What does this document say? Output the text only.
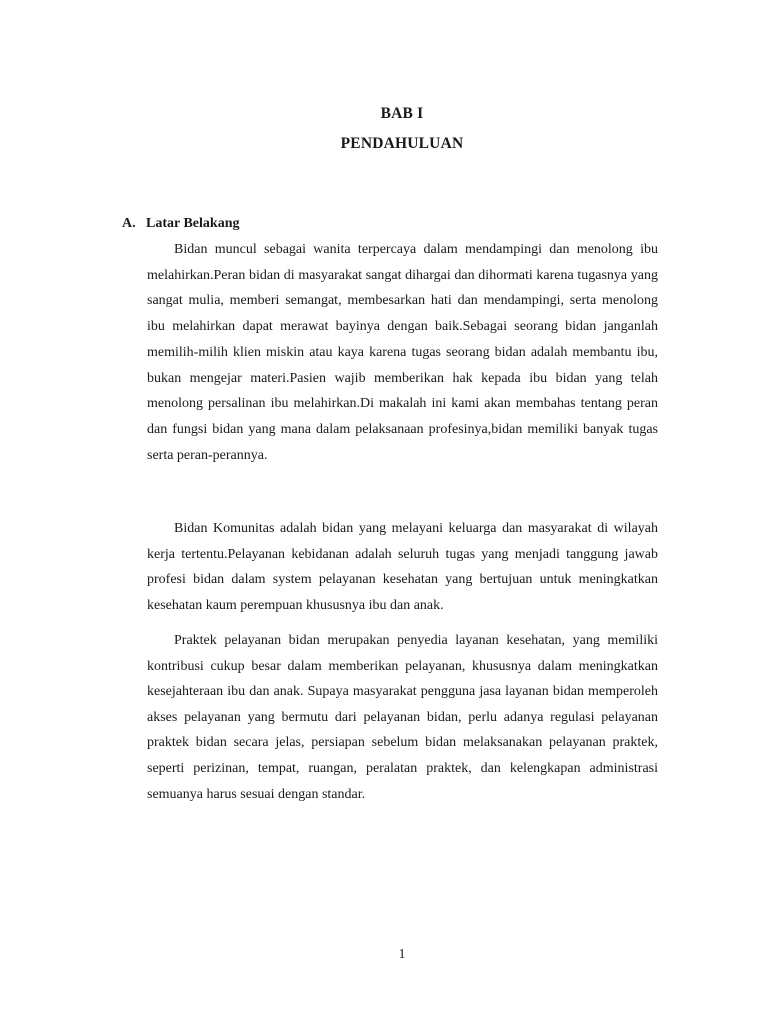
BAB I
PENDAHULUAN
A. Latar Belakang

Bidan muncul sebagai wanita terpercaya dalam mendampingi dan menolong ibu melahirkan.Peran bidan di masyarakat sangat dihargai dan dihormati karena tugasnya yang sangat mulia, memberi semangat, membesarkan hati dan mendampingi, serta menolong ibu melahirkan dapat merawat bayinya dengan baik.Sebagai seorang bidan janganlah memilih-milih klien miskin atau kaya karena tugas seorang bidan adalah membantu ibu, bukan mengejar materi.Pasien wajib memberikan hak kepada ibu bidan yang telah menolong persalinan ibu melahirkan.Di makalah ini kami akan membahas tentang peran dan fungsi bidan yang mana dalam pelaksanaan profesinya,bidan memiliki banyak tugas serta peran-perannya.

Bidan Komunitas adalah bidan yang melayani keluarga dan masyarakat di wilayah kerja tertentu.Pelayanan kebidanan adalah seluruh tugas yang menjadi tanggung jawab profesi bidan dalam system pelayanan kesehatan yang bertujuan untuk meningkatkan kesehatan kaum perempuan khususnya ibu dan anak.

Praktek pelayanan bidan merupakan penyedia layanan kesehatan, yang memiliki kontribusi cukup besar dalam memberikan pelayanan, khususnya dalam meningkatkan kesejahteraan ibu dan anak. Supaya masyarakat pengguna jasa layanan bidan memperoleh akses pelayanan yang bermutu dari pelayanan bidan, perlu adanya regulasi pelayanan praktek bidan secara jelas, persiapan sebelum bidan melaksanakan pelayanan praktek, seperti perizinan, tempat, ruangan, peralatan praktek, dan kelengkapan administrasi semuanya harus sesuai dengan standar.

1
